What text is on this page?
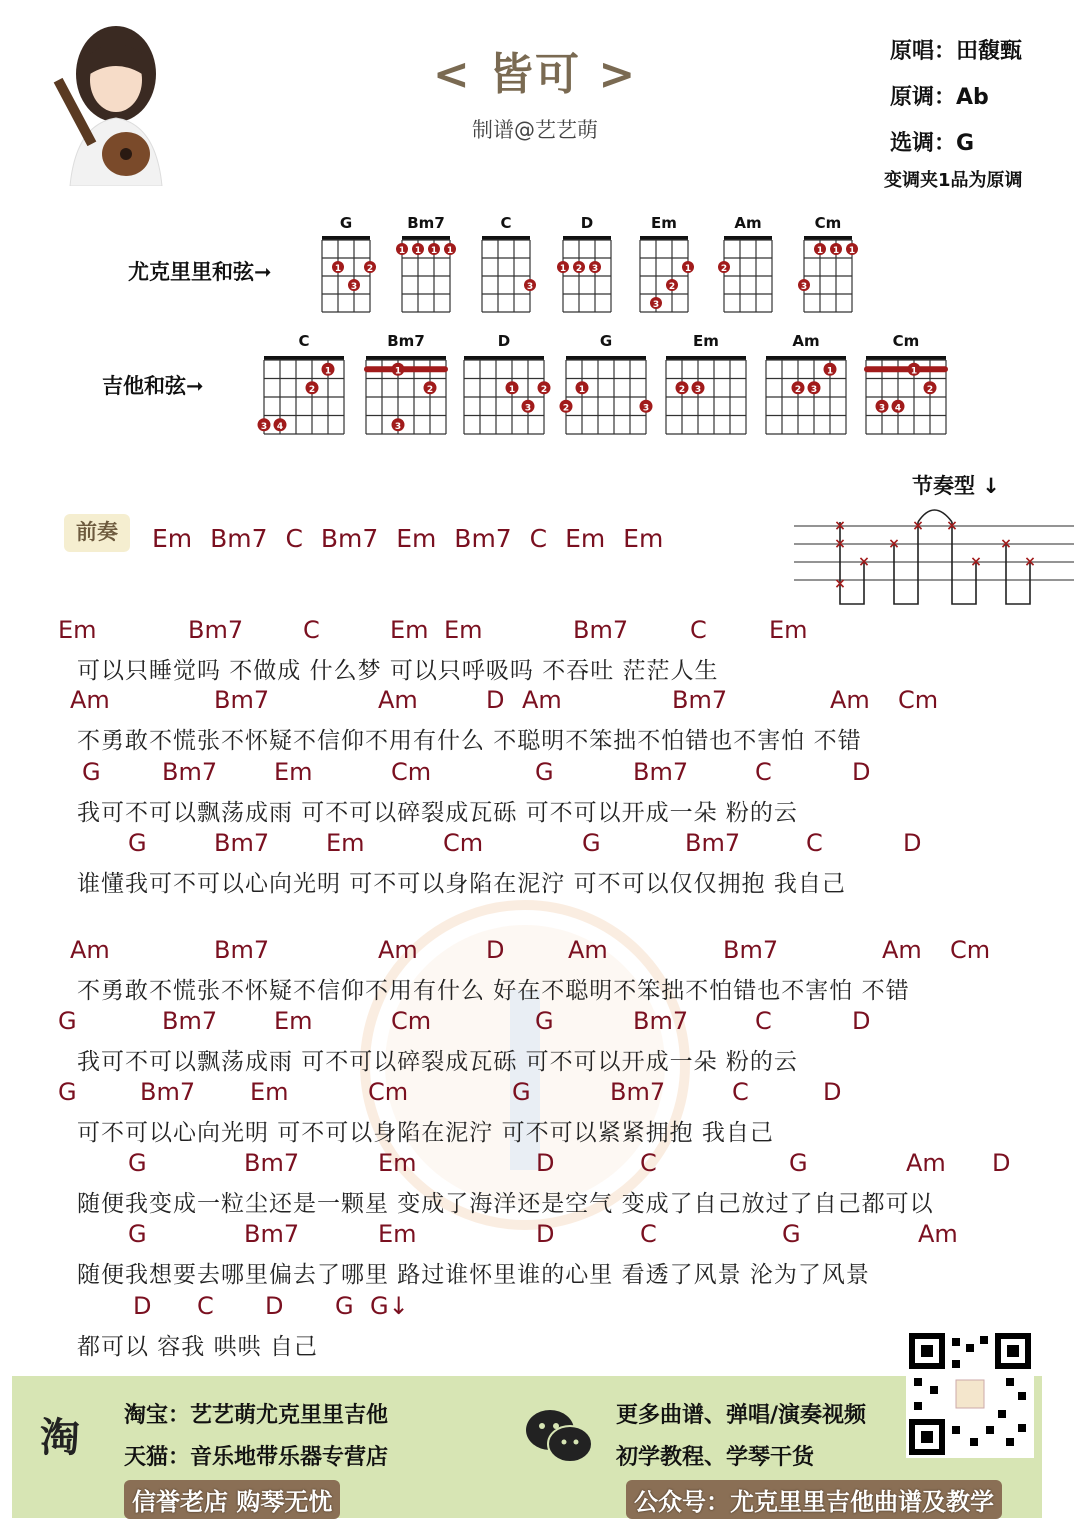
< 皆可 >
制谱@艺艺萌
原唱：田馥甄
原调：Ab
选调：G
变调夹1品为原调
尤克里里和弦➞
吉他和弦➞
1	2
3
1 1 1 1
3
1 2 3	1
2
3
2
1 1 1
3
1
2
3 4
1
2
3
1	2
3
1
2	3
2 3
1
2 3
1
2
3 4
节奏型 ↓
×
×
×
×
×
× ×
×
×
×
前奏	Em Bm7 C Bm7 Em Bm7 C Em Em
Em	Bm7 C	Em Em	Bm7	C	Em
可以只睡觉吗 不做成 什么梦 可以只呼吸吗 不吞吐 茫茫人生
Am	Bm7	Am	D Am	Bm7	Am Cm
不勇敢不慌张不怀疑不信仰不用有什么 不聪明不笨拙不怕错也不害怕 不错
G	Bm7 Em	Cm	G	Bm7	C	D
我可不可以飘荡成雨 可不可以碎裂成瓦砾 可不可以开成一朵 粉的云
G	Bm7 Em	Cm	G	Bm7	C	D
谁懂我可不可以心向光明 可不可以身陷在泥泞 可不可以仅仅拥抱 我自己
Am	Bm7	Am	D	Am	Bm7	Am Cm
不勇敢不慌张不怀疑不信仰不用有什么 好在不聪明不笨拙不怕错也不害怕 不错
G	Bm7 Em	Cm	G	Bm7	C	D
我可不可以飘荡成雨 可不可以碎裂成瓦砾 可不可以开成一朵 粉的云
G	Bm7 Em	Cm	G	Bm7	C	D
可不可以心向光明 可不可以身陷在泥泞 可不可以紧紧拥抱 我自己
G	Bm7	Em	D	C	G	Am D
随便我变成一粒尘还是一颗星 变成了海洋还是空气 变成了自己放过了自己都可以
G	Bm7	Em	D	C	G	Am
随便我想要去哪里偏去了哪里 路过谁怀里谁的心里 看透了风景 沦为了风景
D C D G G↓
都可以 容我 哄哄 自己
淘 淘宝：艺艺萌尤克里里吉他
天猫：音乐地带乐器专营店
信誉老店 购琴无忧
更多曲谱、弹唱/演奏视频
初学教程、学琴干货
公众号：尤克里里吉他曲谱及教学
G	Bm7	C	D	Em	Am	Cm
C	Bm7	D	G	Em	Am	Cm
